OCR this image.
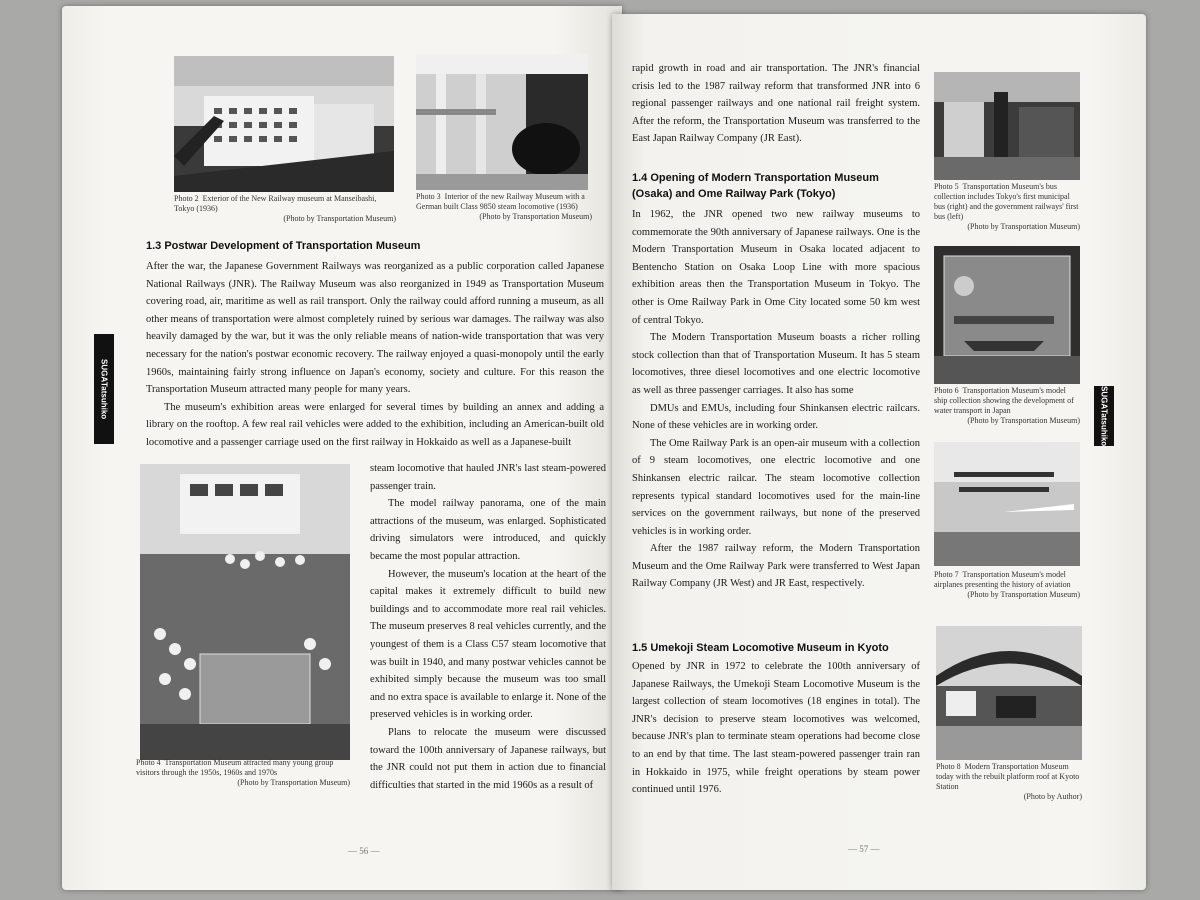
Photo 2 Exterior of the New Railway museum at Manseibashi, Tokyo (1936)
(Photo by Transportation Museum)
Photo 3 Interior of the new Railway Museum with a German built Class 9850 steam locomotive (1936)
(Photo by Transportation Museum)
1.3 Postwar Development of Transportation Museum

After the war, the Japanese Government Railways was reorganized as a public corporation called Japanese National Railways (JNR). The Railway Museum was also reorganized in 1949 as Transportation Museum covering road, air, maritime as well as rail transport. Only the railway could afford running a museum, as all other means of transportation were almost completely ruined by serious war damages. The railway was also heavily damaged by the war, but it was the only reliable means of nation-wide transportation that was very necessary for the nation's postwar economic recovery. The railway enjoyed a quasi-monopoly until the early 1960s, maintaining fairly strong influence on Japan's economy, society and culture. For this reason the Transportation Museum attracted many people for many years.

The museum's exhibition areas were enlarged for several times by building an annex and adding a library on the rooftop. A few real rail vehicles were added to the exhibition, including an American-built old locomotive and a passenger carriage used on the first railway in Hokkaido as well as a Japanese-built

Photo 4 Transportation Museum attracted many young group visitors through the 1950s, 1960s and 1970s
(Photo by Transportation Museum)

steam locomotive that hauled JNR's last steam-powered passenger train.

The model railway panorama, one of the main attractions of the museum, was enlarged. Sophisticated driving simulators were introduced, and quickly became the most popular attraction.

However, the museum's location at the heart of the capital makes it extremely difficult to build new buildings and to accommodate more real rail vehicles. The museum preserves 8 real vehicles currently, and the youngest of them is a Class C57 steam locomotive that was built in 1940, and many postwar vehicles cannot be exhibited simply because the museum was too small and no extra space is available to enlarge it. None of the preserved vehicles is in working order.

Plans to relocate the museum were discussed toward the 100th anniversary of Japanese railways, but the JNR could not put them in action due to financial difficulties that started in the mid 1960s as a result of

SUGA
Tatsuhiko
— 56 —

rapid growth in road and air transportation. The JNR's financial crisis led to the 1987 railway reform that transformed JNR into 6 regional passenger railways and one national rail freight system. After the reform, the Transportation Museum was transferred to the East Japan Railway Company (JR East).

1.4 Opening of Modern Transportation Museum (Osaka) and Ome Railway Park (Tokyo)

In 1962, the JNR opened two new railway museums to commemorate the 90th anniversary of Japanese railways. One is the Modern Transportation Museum in Osaka located adjacent to Bentencho Station on Osaka Loop Line with more spacious exhibition areas then the Transportation Museum in Tokyo. The other is Ome Railway Park in Ome City located some 50 km west of central Tokyo.

The Modern Transportation Museum boasts a richer rolling stock collection than that of Transportation Museum. It has 5 steam locomotives, three diesel locomotives and one electric locomotive as well as three passenger carriages. It also has some

DMUs and EMUs, including four Shinkansen electric railcars. None of these vehicles are in working order.

The Ome Railway Park is an open-air museum with a collection of 9 steam locomotives, one electric locomotive and one Shinkansen electric railcar. The steam locomotive collection represents typical standard locomotives used for the main-line services on the government railways, but none of the preserved vehicles is in working order.

After the 1987 railway reform, the Modern Transportation Museum and the Ome Railway Park were transferred to West Japan Railway Company (JR West) and JR East, respectively.

1.5 Umekoji Steam Locomotive Museum in Kyoto

Opened by JNR in 1972 to celebrate the 100th anniversary of Japanese Railways, the Umekoji Steam Locomotive Museum is the largest collection of steam locomotives (18 engines in total). The JNR's decision to preserve steam locomotives was welcomed, because JNR's plan to terminate steam operations had become close to an end by that time. The last steam-powered passenger train ran in Hokkaido in 1975, while freight operations by steam power continued until 1976.

Photo 5 Transportation Museum's bus collection includes Tokyo's first municipal bus (right) and the government railways' first bus (left)
(Photo by Transportation Museum)
Photo 6 Transportation Museum's model ship collection showing the development of water transport in Japan
(Photo by Transportation Museum)
Photo 7 Transportation Museum's model airplanes presenting the history of aviation
(Photo by Transportation Museum)
Photo 8 Modern Transportation Museum today with the rebuilt platform roof at Kyoto Station
(Photo by Author)
SUGA
Tatsuhiko
— 57 —
